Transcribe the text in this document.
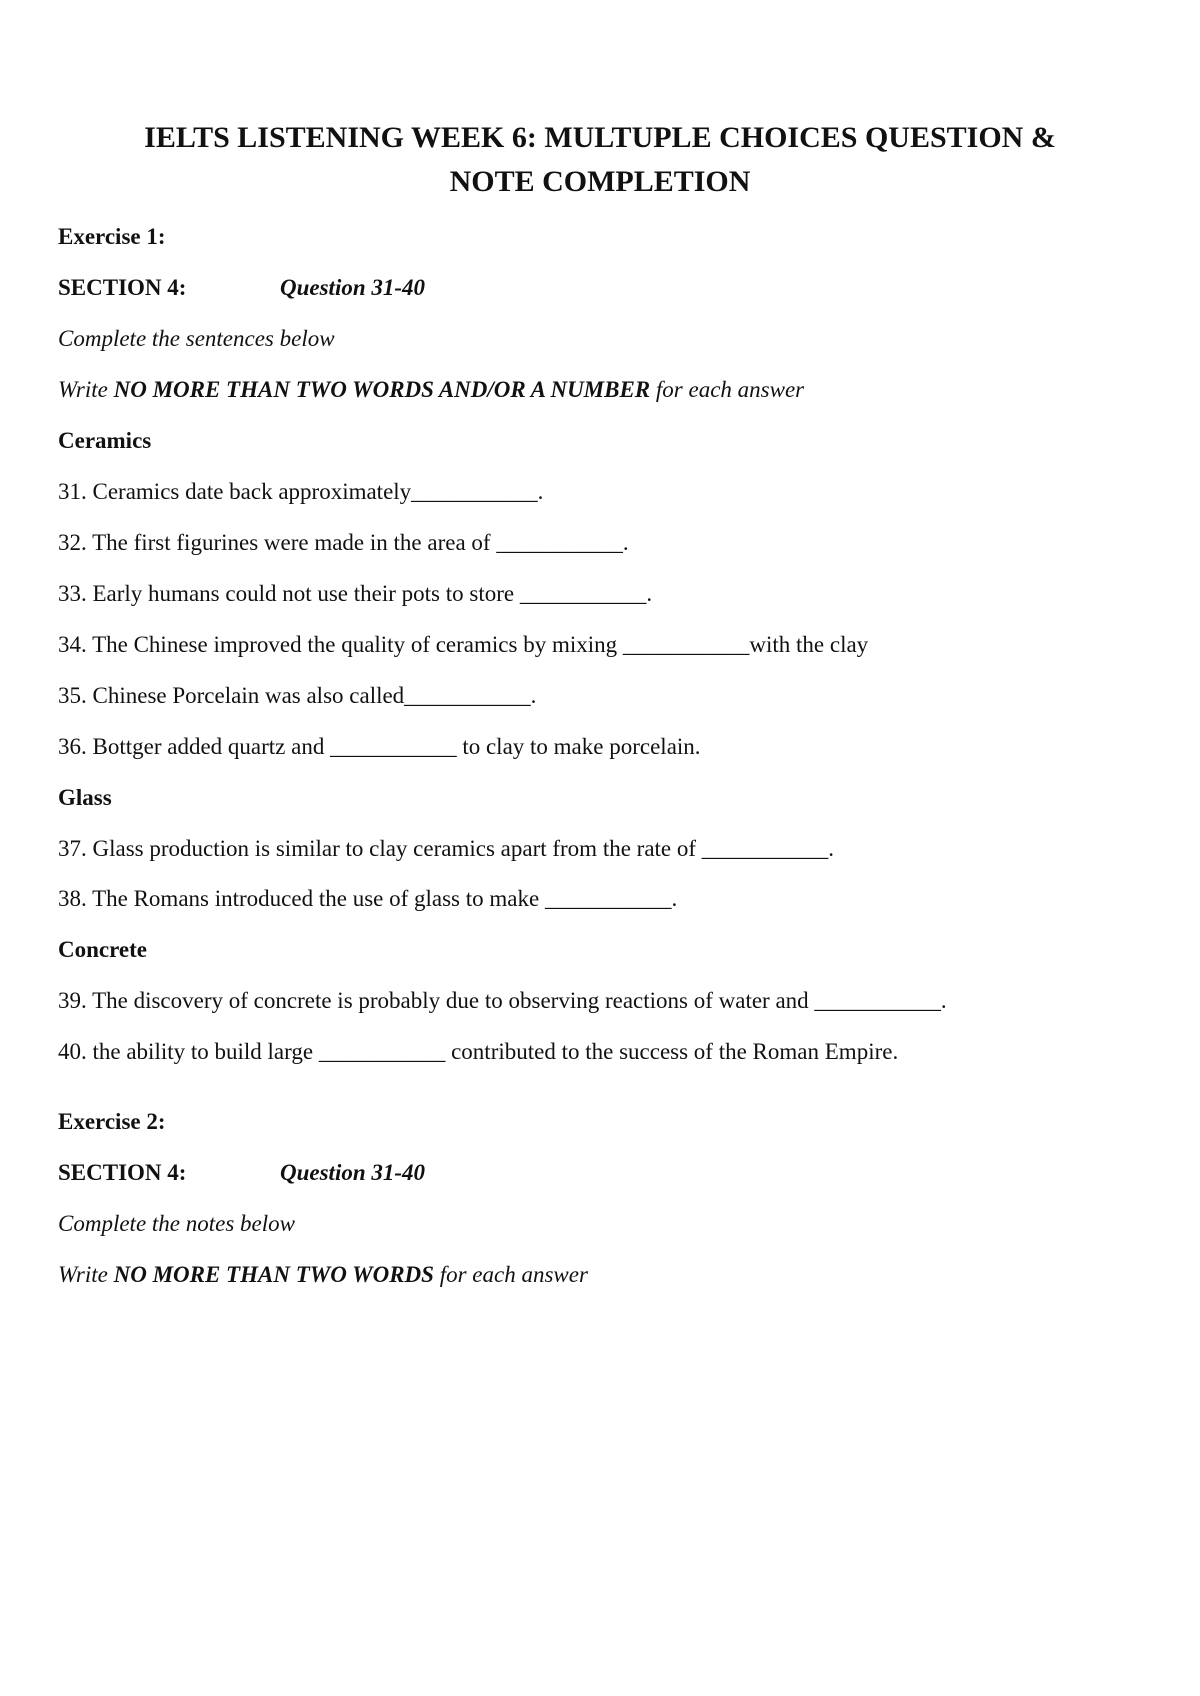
IELTS LISTENING WEEK 6: MULTUPLE CHOICES QUESTION &
NOTE COMPLETION

Exercise 1:

SECTION 4:	Question 31-40

Complete the sentences below

Write NO MORE THAN TWO WORDS AND/OR A NUMBER for each answer

Ceramics

31. Ceramics date back approximately___________.

32. The first figurines were made in the area of ___________.

33. Early humans could not use their pots to store ___________.

34. The Chinese improved the quality of ceramics by mixing ___________with the clay

35. Chinese Porcelain was also called___________.

36. Bottger added quartz and ___________ to clay to make porcelain.

Glass

37. Glass production is similar to clay ceramics apart from the rate of ___________.

38. The Romans introduced the use of glass to make ___________.

Concrete

39. The discovery of concrete is probably due to observing reactions of water and ___________.

40. the ability to build large ___________ contributed to the success of the Roman Empire.

Exercise 2:

SECTION 4:	Question 31-40

Complete the notes below

Write NO MORE THAN TWO WORDS for each answer
